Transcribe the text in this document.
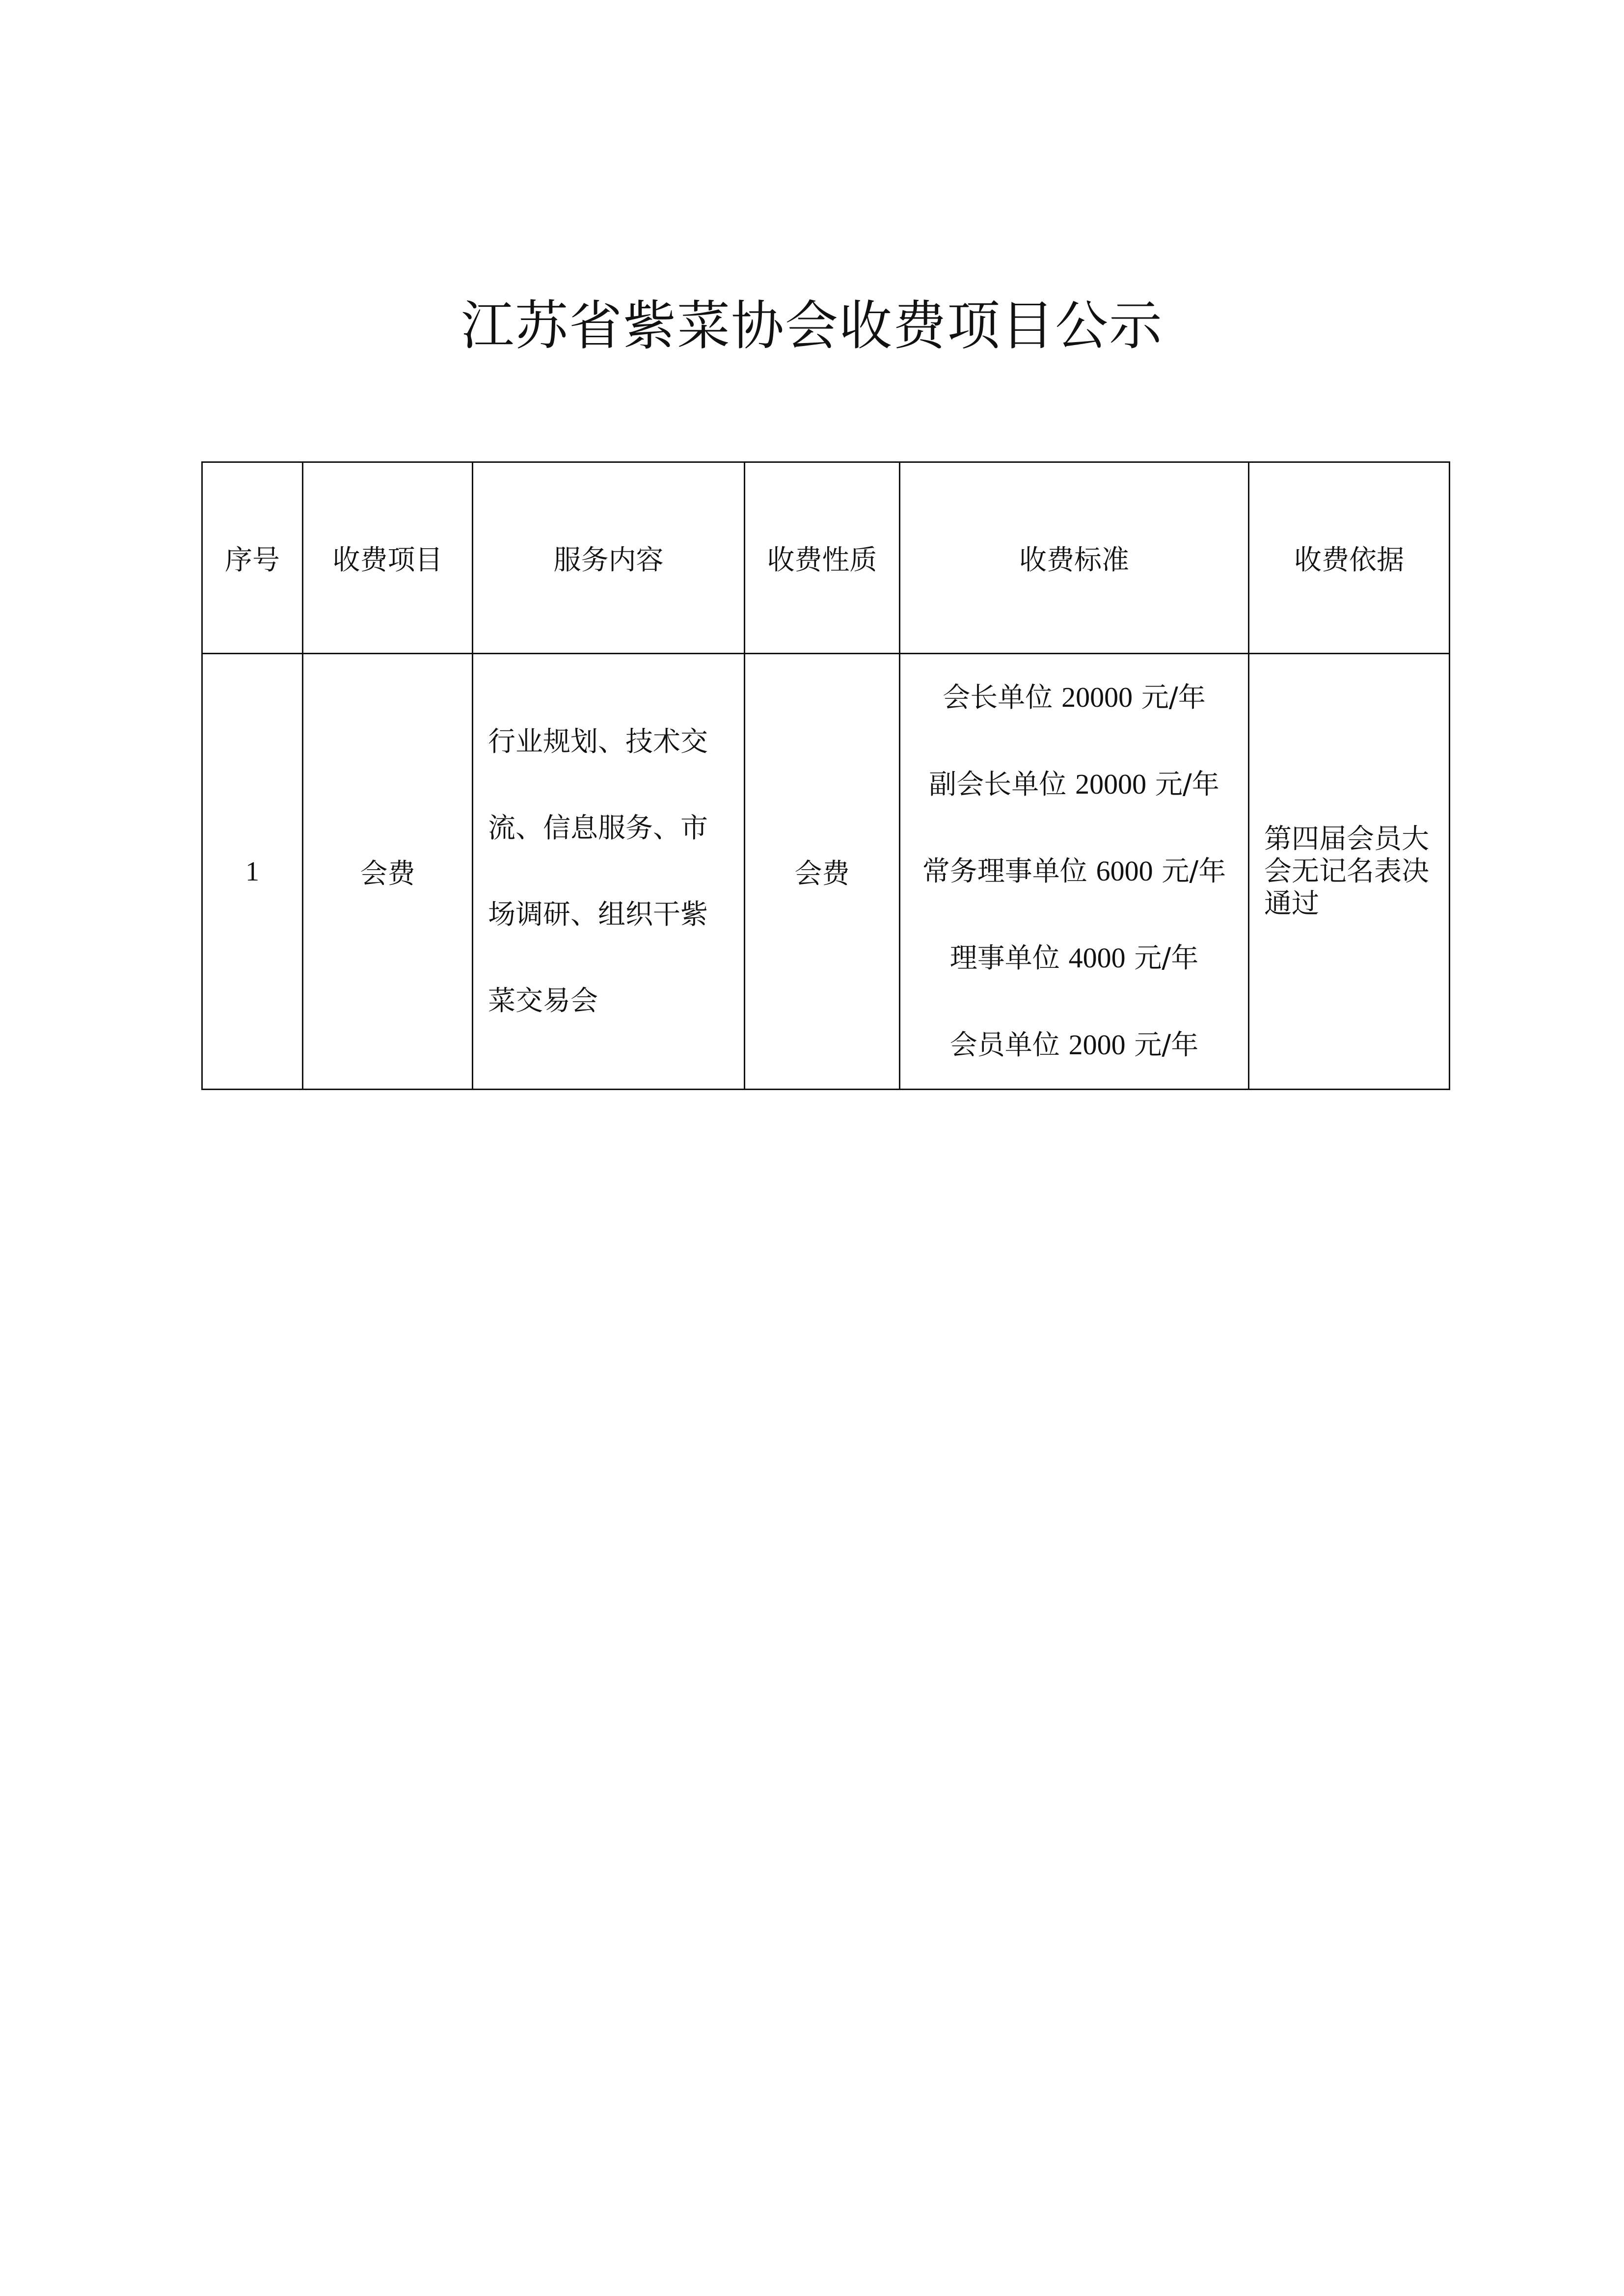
江苏省紫菜协会收费项目公示
序号	收费项目	服务内容	收费性质	收费标准	收费依据
1	会费	行业规划、技术交流、信息服务、市场调研、组织干紫菜交易会	会费	会长单位 20000 元/年
副会长单位 20000 元/年
常务理事单位 6000 元/年
理事单位 4000 元/年
会员单位 2000 元/年	第四届会员大会无记名表决通过
